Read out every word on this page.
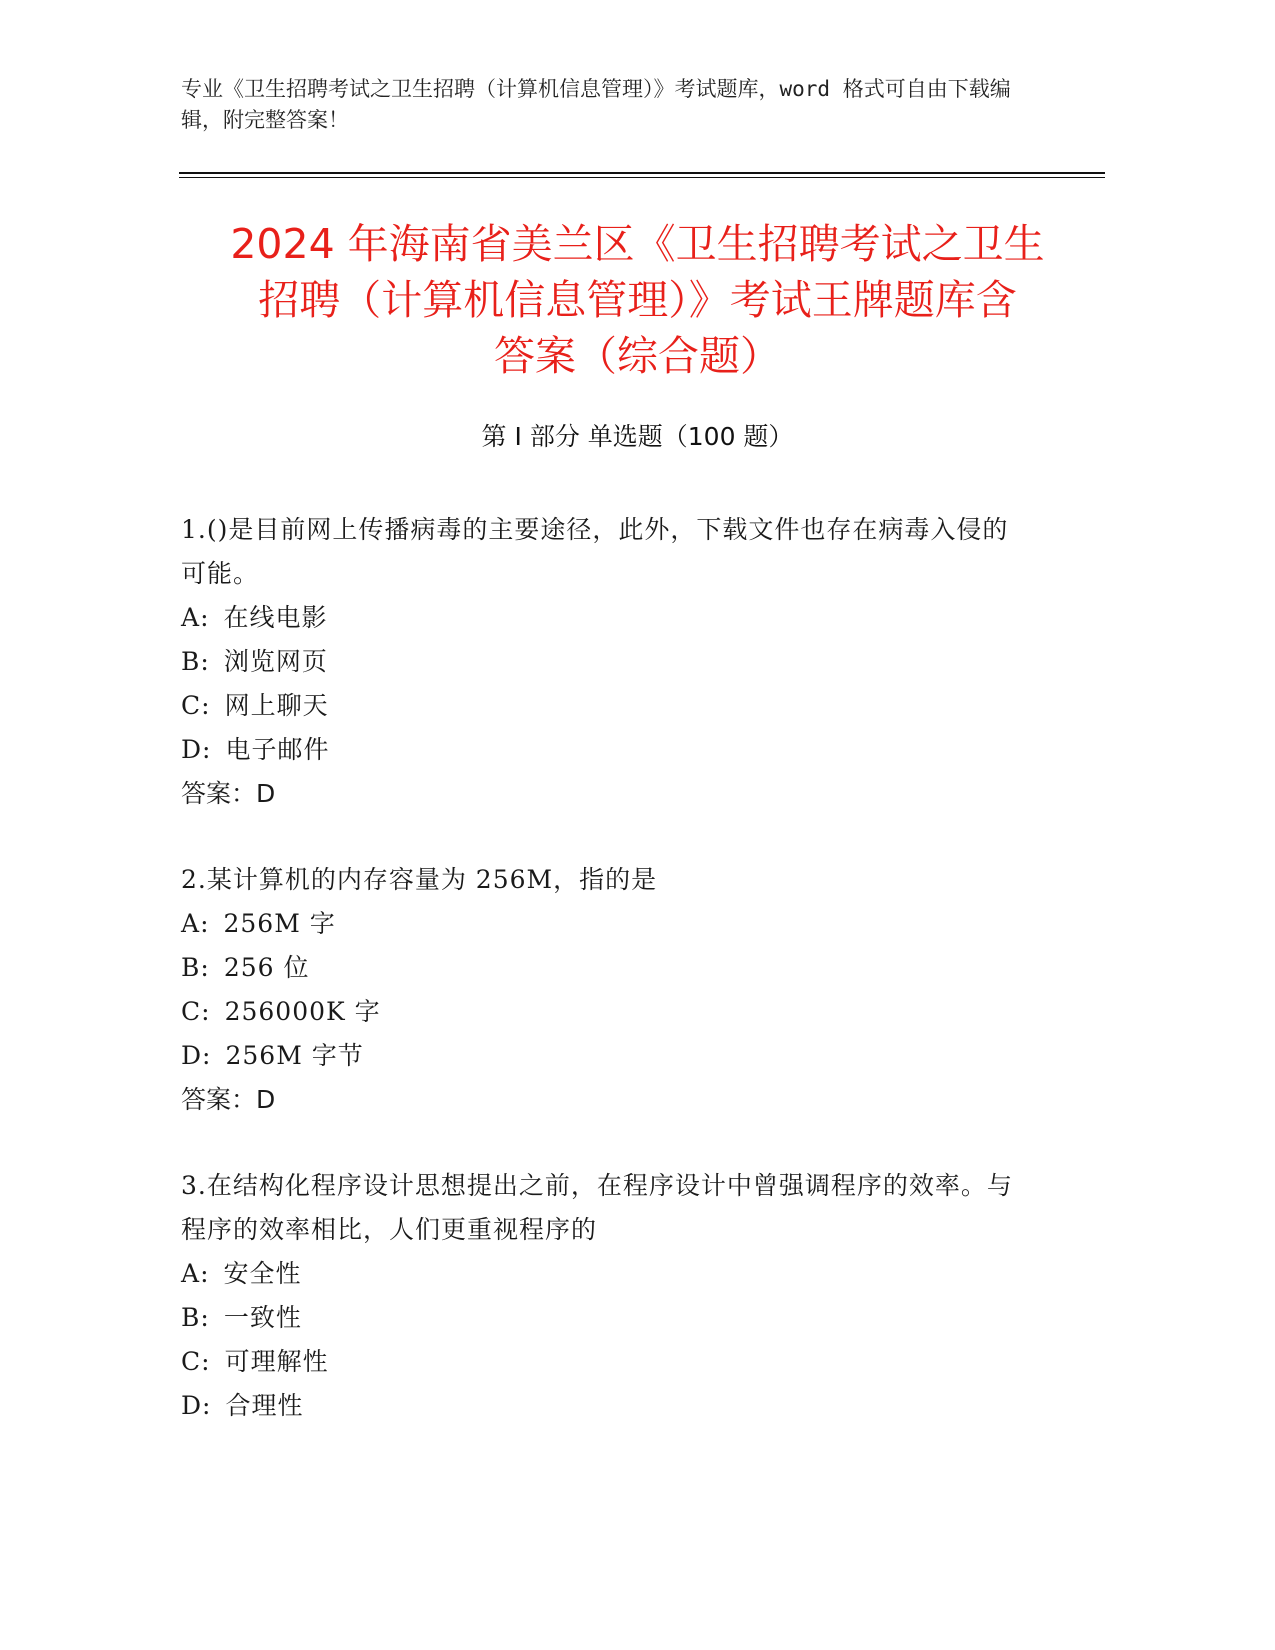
专业《卫生招聘考试之卫生招聘（计算机信息管理）》考试题库，word 格式可自由下载编辑，附完整答案！
2024 年海南省美兰区《卫生招聘考试之卫生
招聘（计算机信息管理）》考试王牌题库含
答案（综合题）
第 I 部分 单选题（100 题）

1.()是目前网上传播病毒的主要途径，此外，下载文件也存在病毒入侵的可能。

A: 在线电影

B: 浏览网页

C: 网上聊天

D: 电子邮件

答案：D

2.某计算机的内存容量为 256M，指的是

A: 256M 字

B: 256 位

C: 256000K 字

D: 256M 字节

答案：D

3.在结构化程序设计思想提出之前，在程序设计中曾强调程序的效率。与程序的效率相比，人们更重视程序的

A: 安全性

B: 一致性

C: 可理解性

D: 合理性
